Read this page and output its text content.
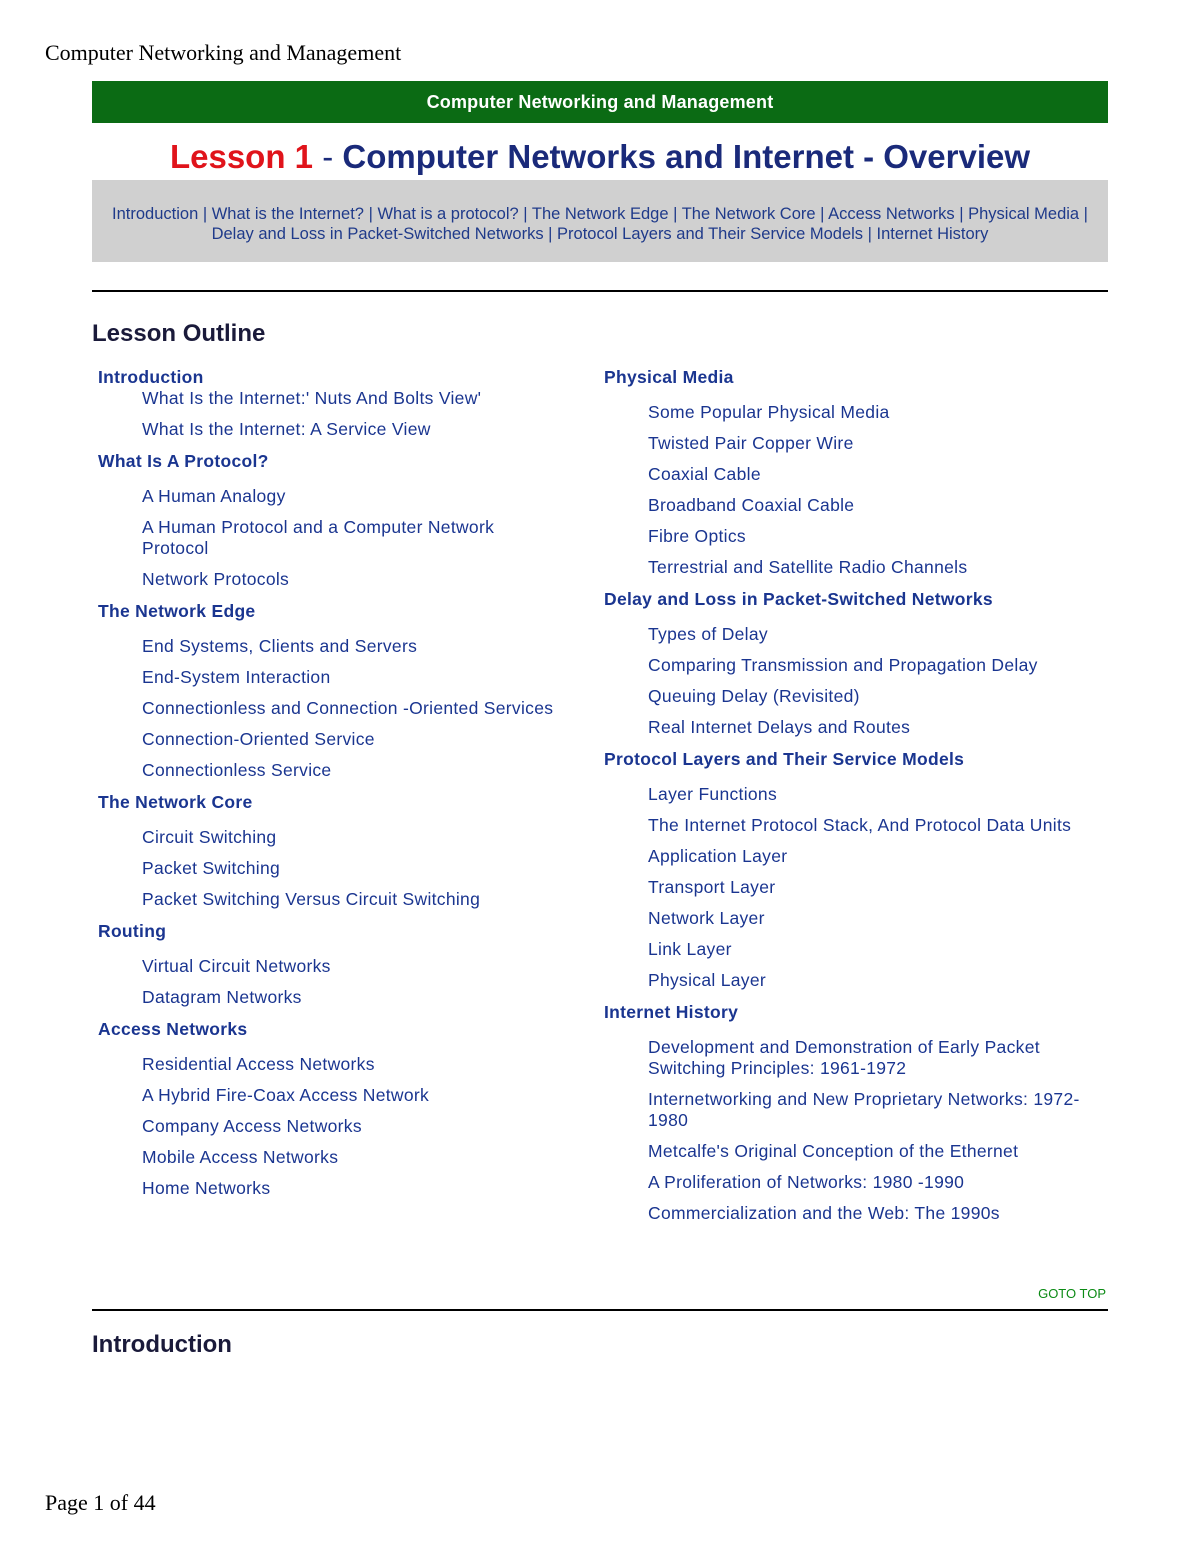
Computer Networking and Management
Computer Networking and Management
Lesson 1 - Computer Networks and Internet - Overview
Introduction | What is the Internet? | What is a protocol? | The Network Edge | The Network Core | Access Networks | Physical Media | Delay and Loss in Packet-Switched Networks | Protocol Layers and Their Service Models | Internet History
Lesson Outline
Introduction
What Is the Internet:' Nuts And Bolts View'
What Is the Internet: A Service View
What Is A Protocol?
A Human Analogy
A Human Protocol and a Computer Network Protocol
Network Protocols
The Network Edge
End Systems, Clients and Servers
End-System Interaction
Connectionless and Connection -Oriented Services
Connection-Oriented Service
Connectionless Service
The Network Core
Circuit Switching
Packet Switching
Packet Switching Versus Circuit Switching
Routing
Virtual Circuit Networks
Datagram Networks
Access Networks
Residential Access Networks
A Hybrid Fire-Coax Access Network
Company Access Networks
Mobile Access Networks
Home Networks
Physical Media
Some Popular Physical Media
Twisted Pair Copper Wire
Coaxial Cable
Broadband Coaxial Cable
Fibre Optics
Terrestrial and Satellite Radio Channels
Delay and Loss in Packet-Switched Networks
Types of Delay
Comparing Transmission and Propagation Delay
Queuing Delay (Revisited)
Real Internet Delays and Routes
Protocol Layers and Their Service Models
Layer Functions
The Internet Protocol Stack, And Protocol Data Units
Application Layer
Transport Layer
Network Layer
Link Layer
Physical Layer
Internet History
Development and Demonstration of Early Packet Switching Principles: 1961-1972
Internetworking and New Proprietary Networks: 1972-1980
Metcalfe's Original Conception of the Ethernet
A Proliferation of Networks: 1980 -1990
Commercialization and the Web: The 1990s
GOTO TOP
Introduction
Page 1 of 44
